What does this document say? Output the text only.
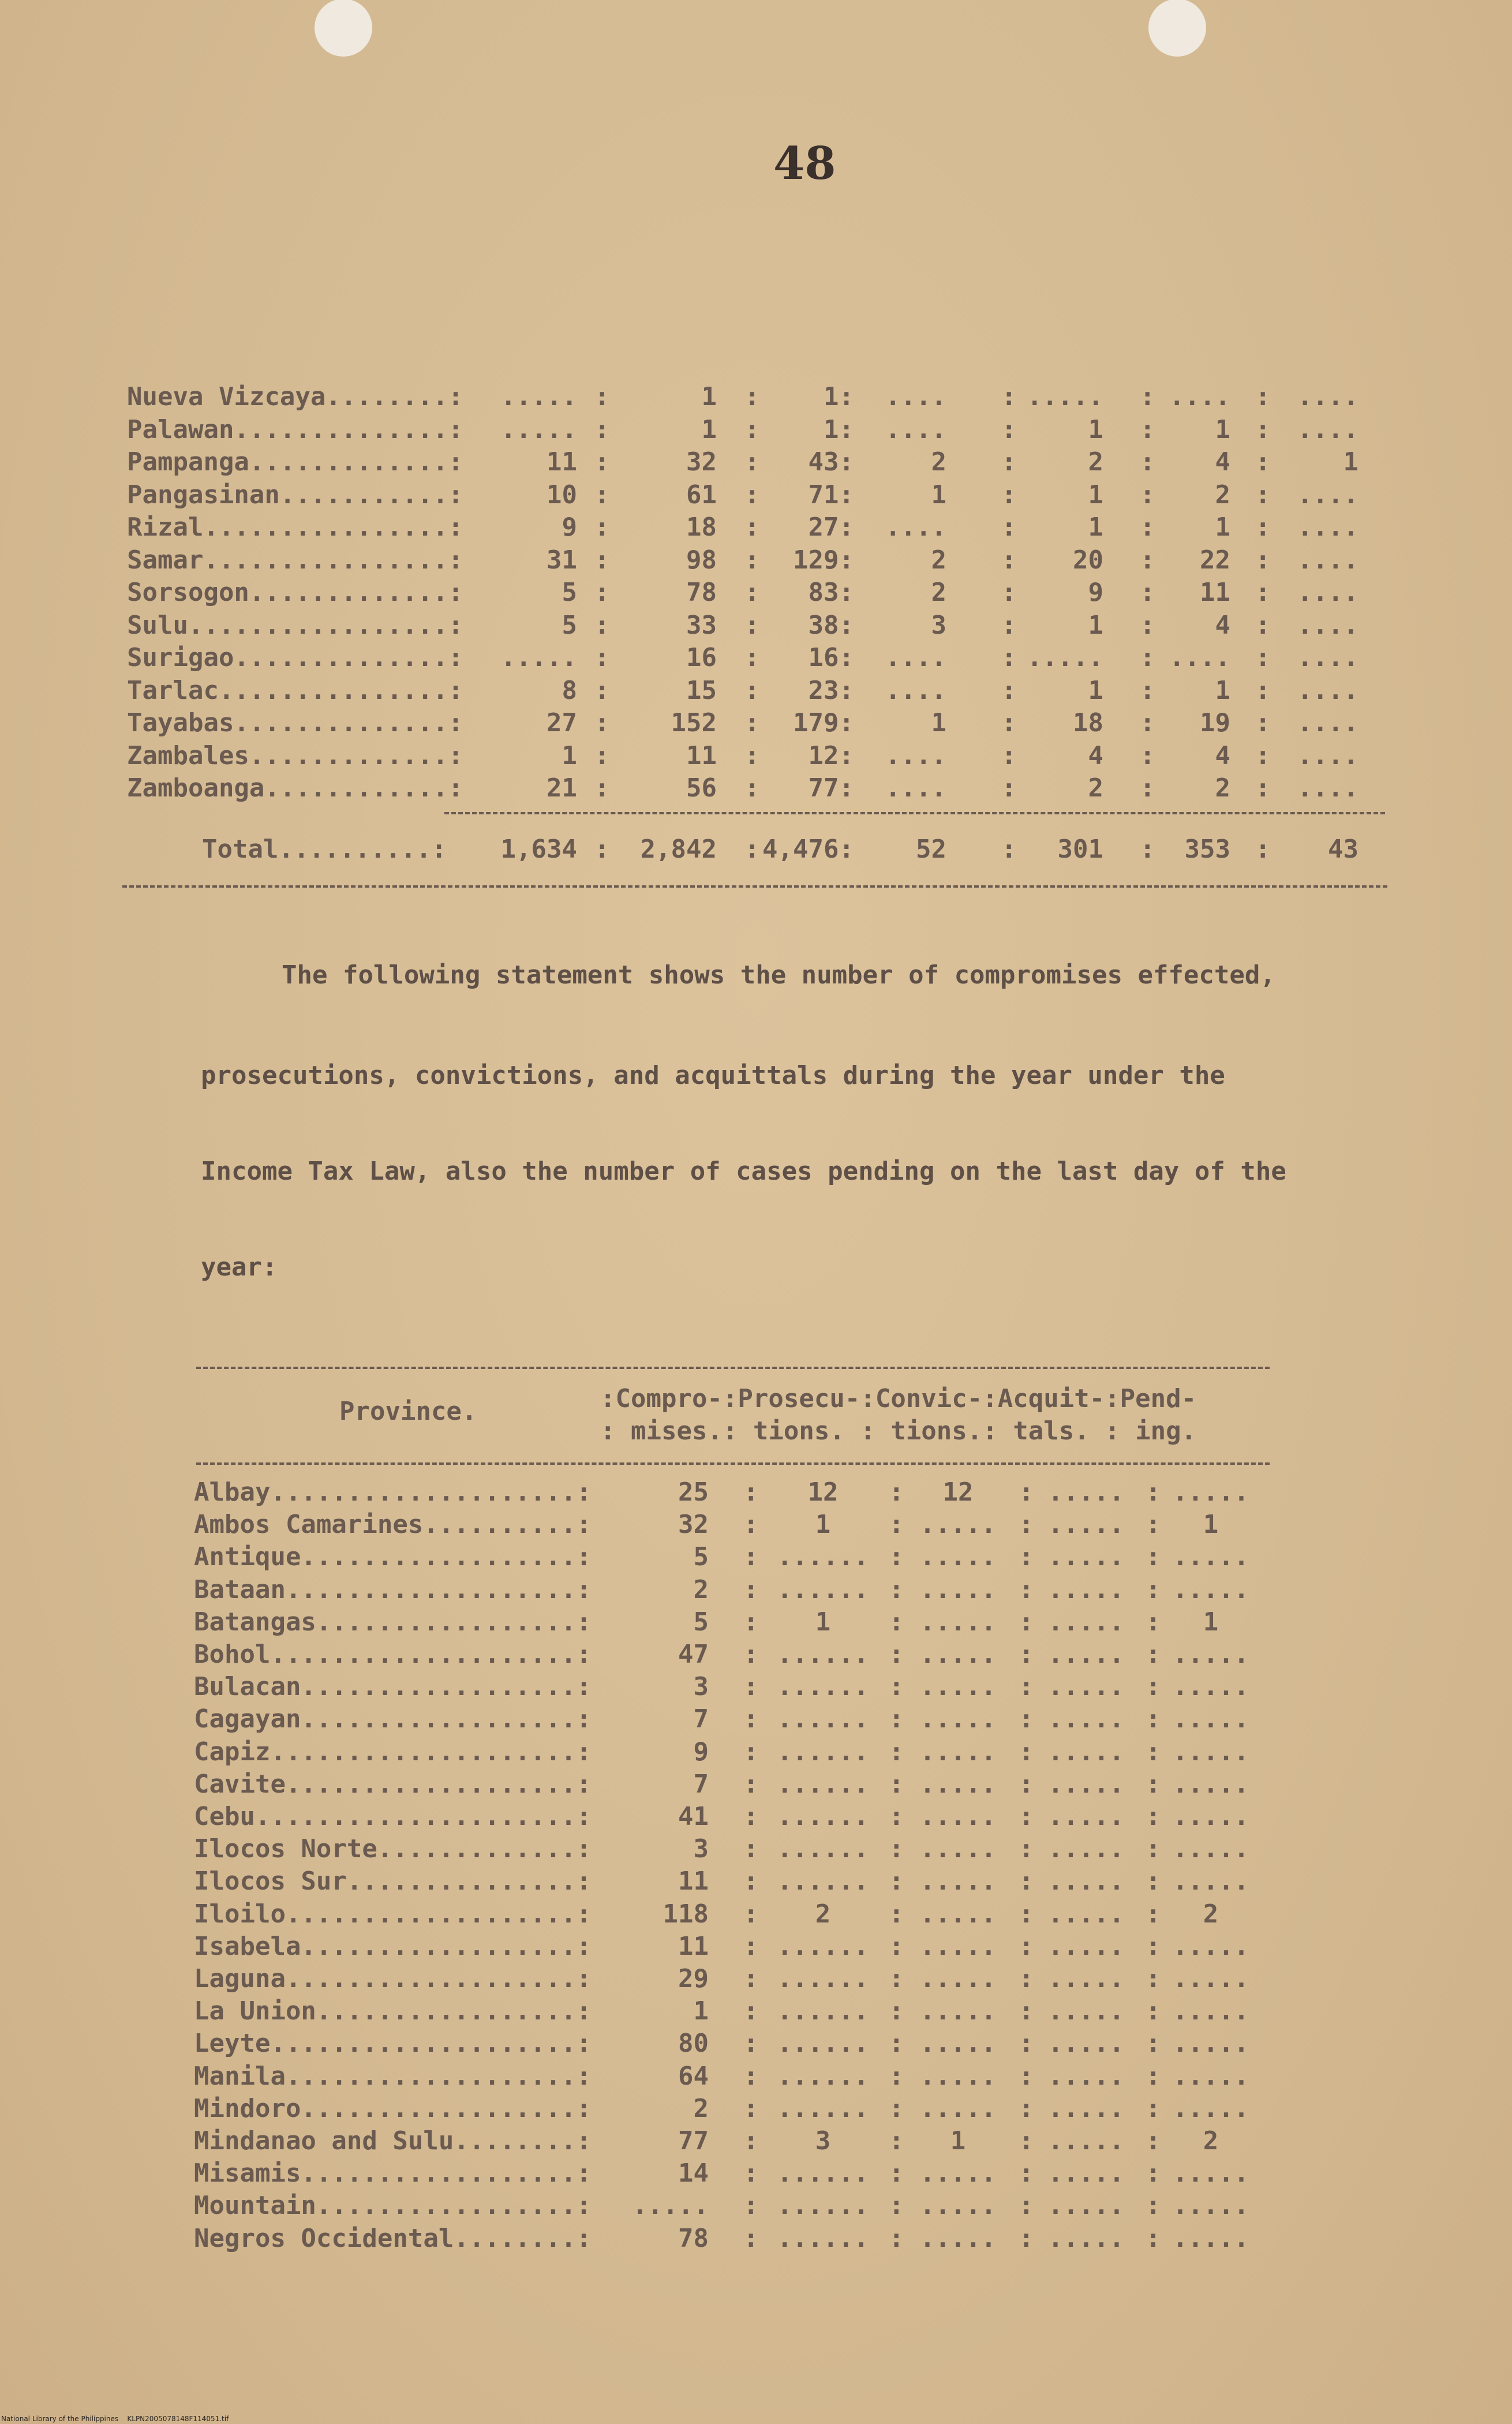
48
Nueva Vizcaya........: .....	1	1: ....	.....	....	....
:	:	:	:	:
Palawan..............: .....	1	1: ....	1	1	....
:	:	:	:	:
Pampanga.............:	11	32	43:	2	2	4	1
:	:	:	:	:
Pangasinan...........:	10	61	71:	1	1	2	....
:	:	:	:	:
Rizal................:	9	18	27: ....	1	1	....
:	:	:	:	:
Samar................:	31	98	129:	2	20	22	....
:	:	:	:	:
Sorsogon.............:	5	78	83:	2	9	11	....
:	:	:	:	:
Sulu.................:	5	33	38:	3	1	4	....
:	:	:	:	:
Surigao..............: .....	16	16: ....	.....	....	....
:	:	:	:	:
Tarlac...............:	8	15	23: ....	1	1	....
:	:	:	:	:
Tayabas..............:	27	152	179:	1	18	19	....
:	:	:	:	:
Zambales.............:	1	11	12: ....	4	4	....
:	:	:	:	:
Zamboanga............:	21	56	77: ....	2	2	....
:	:	:	:	:
Total..........: 1,634 2,842 4,476: 52	301	353	43
:	:	:	:	:
The following statement shows the number of compromises effected,
prosecutions, convictions, and acquittals during the year under the
Income Tax Law, also the number of cases pending on the last day of the
year:
Province.	:Compro-:Prosecu-:Convic-:Acquit-:Pend-
: mises.: tions. : tions.: tals. : ing.
Albay....................:	25	12	12	.....	.....
:	:	:	:
Ambos Camarines..........:	32	1	.....	.....	1
:	:	:	:
Antique..................:	5	......	.....	.....	.....
:	:	:	:
Bataan...................:	2	......	.....	.....	.....
:	:	:	:
Batangas.................:	5	1	.....	.....	1
:	:	:	:
Bohol....................:	47	......	.....	.....	.....
:	:	:	:
Bulacan..................:	3	......	.....	.....	.....
:	:	:	:
Cagayan..................:	7	......	.....	.....	.....
:	:	:	:
Capiz....................:	9	......	.....	.....	.....
:	:	:	:
Cavite...................:	7	......	.....	.....	.....
:	:	:	:
Cebu.....................:	41	......	.....	.....	.....
:	:	:	:
Ilocos Norte.............:	3	......	.....	.....	.....
:	:	:	:
Ilocos Sur...............:	11	......	.....	.....	.....
:	:	:	:
Iloilo...................:	118	2	.....	.....	2
:	:	:	:
Isabela..................:	11	......	.....	.....	.....
:	:	:	:
Laguna...................:	29	......	.....	.....	.....
:	:	:	:
La Union.................:	1	......	.....	.....	.....
:	:	:	:
Leyte....................:	80	......	.....	.....	.....
:	:	:	:
Manila...................:	64	......	.....	.....	.....
:	:	:	:
Mindoro..................:	2	......	.....	.....	.....
:	:	:	:
Mindanao and Sulu........:	77	3	1	.....	2
:	:	:	:
Misamis..................:	14	......	.....	.....	.....
:	:	:	:
Mountain.................: .....	......	.....	.....	.....
:	:	:	:
Negros Occidental........:	78	......	.....	.....	.....
:	:	:	:
National Library of the Philippines    KLPN2005078148F114051.tif
